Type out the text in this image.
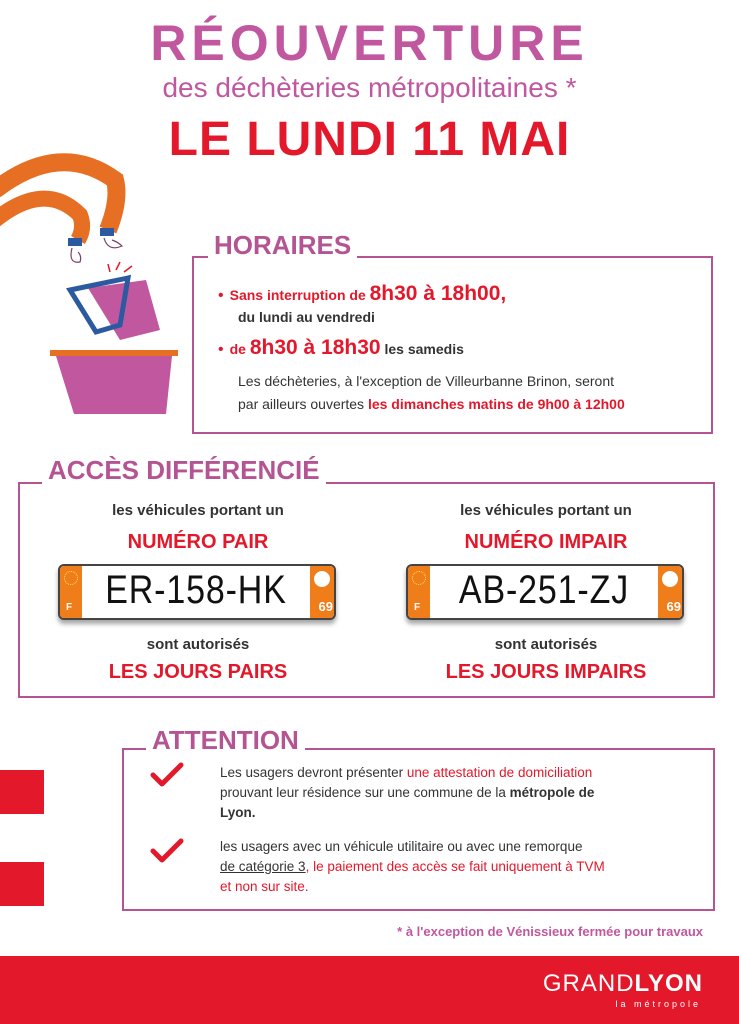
RÉOUVERTURE
des déchèteries métropolitaines *
LE LUNDI 11 MAI
HORAIRES
• Sans interruption de 8h30 à 18h00,
du lundi au vendredi
• de 8h30 à 18h30 les samedis
Les déchèteries, à l'exception de Villeurbanne Brinon, seront
par ailleurs ouvertes les dimanches matins de 9h00 à 12h00
ACCÈS DIFFÉRENCIÉ
les véhicules portant un
NUMÉRO PAIR
F ER-158-HK	69
sont autorisés
LES JOURS PAIRS
les véhicules portant un
NUMÉRO IMPAIR
F AB-251-ZJ	69
sont autorisés
LES JOURS IMPAIRS
ATTENTION
Les usagers devront présenter une attestation de domiciliation
prouvant leur résidence sur une commune de la métropole de
Lyon.
les usagers avec un véhicule utilitaire ou avec une remorque
de catégorie 3, le paiement des accès se fait uniquement à TVM
et non sur site.
* à l'exception de Vénissieux fermée pour travaux
GRANDLYON
la métropole
